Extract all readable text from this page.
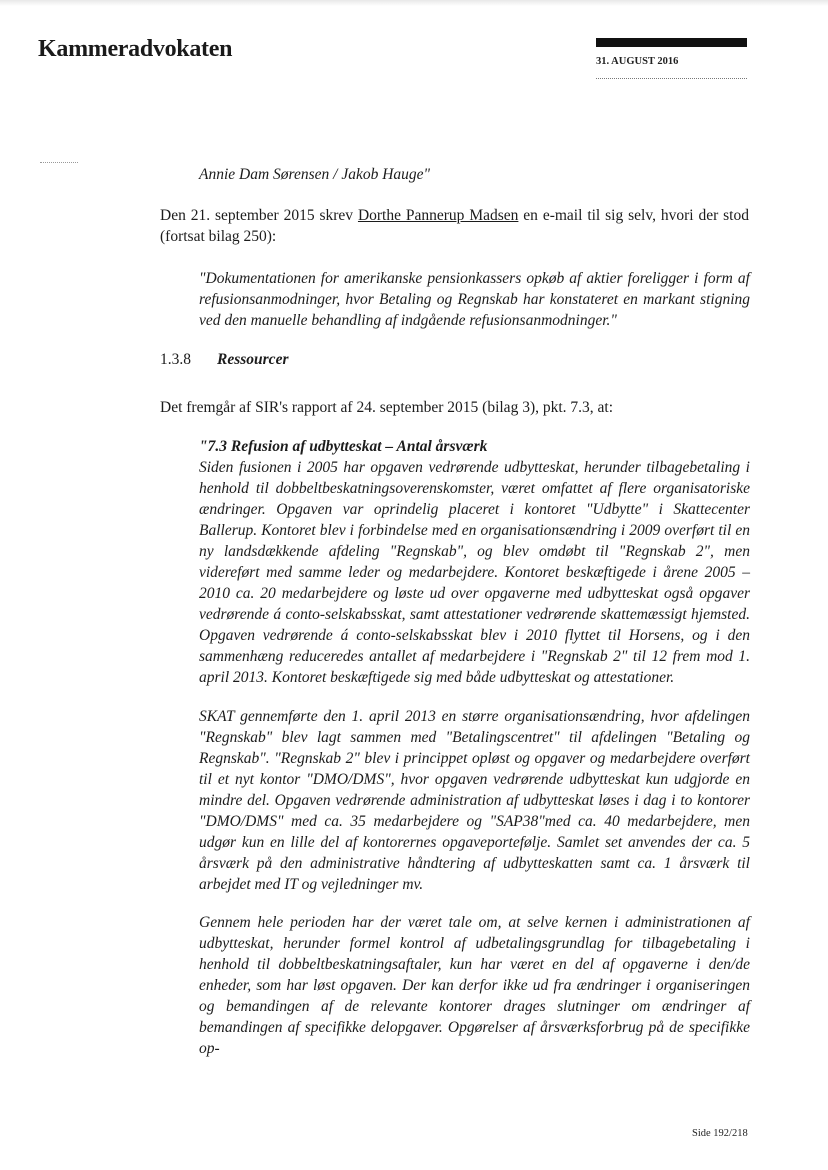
Kammeradvokaten	31. AUGUST 2016
Annie Dam Sørensen / Jakob Hauge"
Den 21. september 2015 skrev Dorthe Pannerup Madsen en e-mail til sig selv, hvori der stod (fortsat bilag 250):
"Dokumentationen for amerikanske pensionkassers opkøb af aktier foreligger i form af refusionsanmodninger, hvor Betaling og Regnskab har konstateret en markant stigning ved den manuelle behandling af indgående refusionsanmodninger."
1.3.8 Ressourcer
Det fremgår af SIR's rapport af 24. september 2015 (bilag 3), pkt. 7.3, at:
"7.3 Refusion af udbytteskat – Antal årsværk
Siden fusionen i 2005 har opgaven vedrørende udbytteskat, herunder tilbagebetaling i henhold til dobbeltbeskatningsoverenskomster, været omfattet af flere organisatoriske ændringer. Opgaven var oprindelig placeret i kontoret "Udbytte" i Skattecenter Ballerup. Kontoret blev i forbindelse med en organisationsændring i 2009 overført til en ny landsdækkende afdeling "Regnskab", og blev omdøbt til "Regnskab 2", men videreført med samme leder og medarbejdere. Kontoret beskæftigede i årene 2005 – 2010 ca. 20 medarbejdere og løste ud over opgaverne med udbytteskat også opgaver vedrørende á conto-selskabsskat, samt attestationer vedrørende skattemæssigt hjemsted. Opgaven vedrørende á conto-selskabsskat blev i 2010 flyttet til Horsens, og i den sammenhæng reduceredes antallet af medarbejdere i "Regnskab 2" til 12 frem mod 1. april 2013. Kontoret beskæftigede sig med både udbytteskat og attestationer.
SKAT gennemførte den 1. april 2013 en større organisationsændring, hvor afdelingen "Regnskab" blev lagt sammen med "Betalingscentret" til afdelingen "Betaling og Regnskab". "Regnskab 2" blev i princippet opløst og opgaver og medarbejdere overført til et nyt kontor "DMO/DMS", hvor opgaven vedrørende udbytteskat kun udgjorde en mindre del. Opgaven vedrørende administration af udbytteskat løses i dag i to kontorer "DMO/DMS" med ca. 35 medarbejdere og "SAP38"med ca. 40 medarbejdere, men udgør kun en lille del af kontorernes opgaveportefølje. Samlet set anvendes der ca. 5 årsværk på den administrative håndtering af udbytteskatten samt ca. 1 årsværk til arbejdet med IT og vejledninger mv.
Gennem hele perioden har der været tale om, at selve kernen i administrationen af udbytteskat, herunder formel kontrol af udbetalingsgrundlag for tilbagebetaling i henhold til dobbeltbeskatningsaftaler, kun har været en del af opgaverne i den/de enheder, som har løst opgaven. Der kan derfor ikke ud fra ændringer i organiseringen og bemandingen af de relevante kontorer drages slutninger om ændringer af bemandingen af specifikke delopgaver. Opgørelser af årsværksforbrug på de specifikke op-
Side 192/218
